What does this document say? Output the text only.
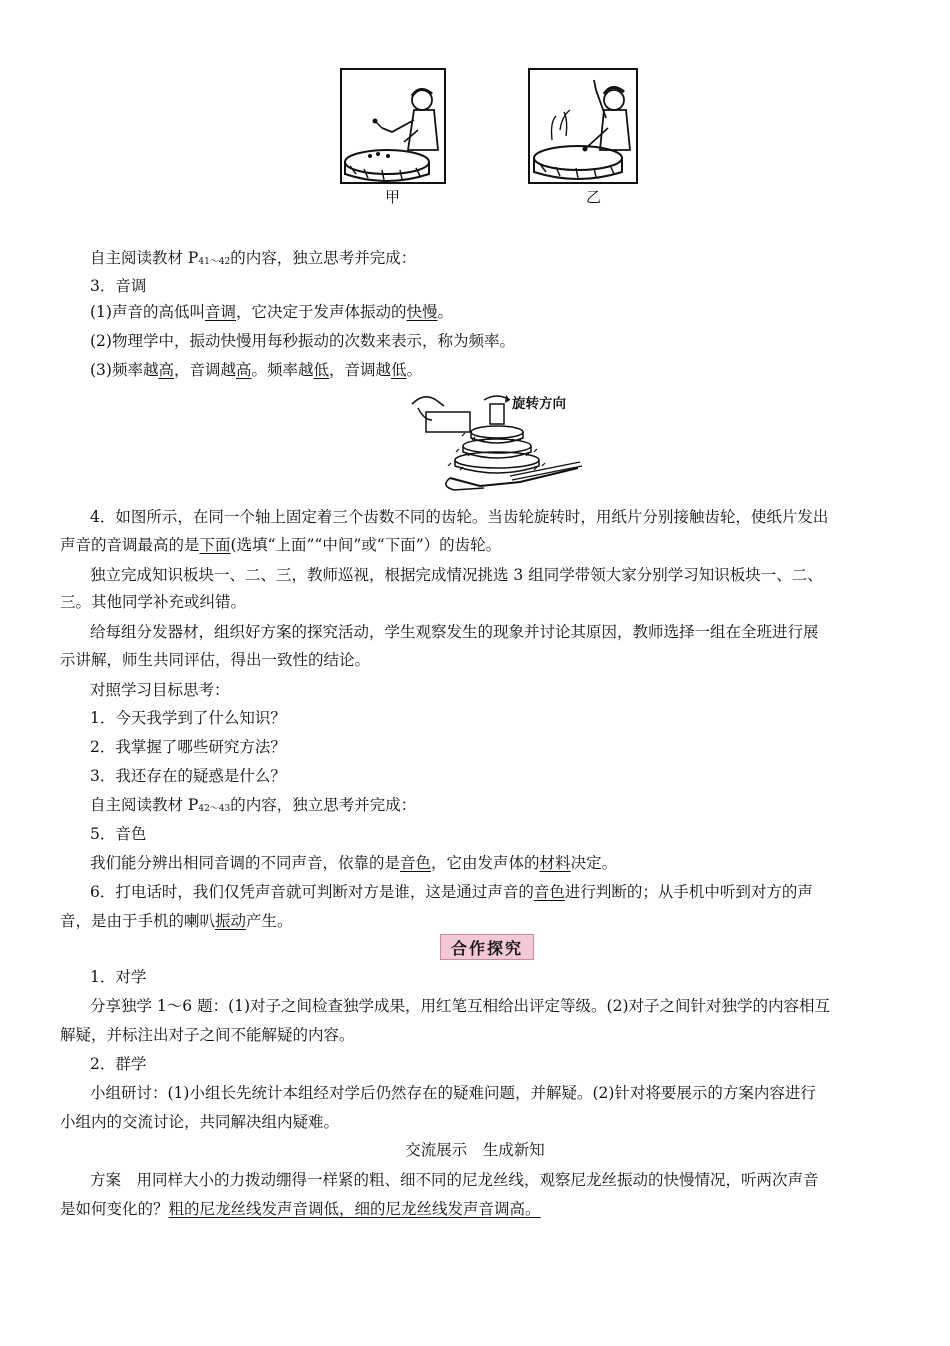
甲	乙
自主阅读教材 $P_{41\sim 42}$的内容，独立思考并完成：
3．音调
(1)声音的高低叫音调，它决定于发声体振动的快慢。
(2)物理学中，振动快慢用每秒振动的次数来表示，称为频率。
(3)频率越高，音调越高。频率越低，音调越低。
旋转方向
4．如图所示，在同一个轴上固定着三个齿数不同的齿轮。当齿轮旋转时，用纸片分别接触齿轮，使纸片发出
声音的音调最高的是下面(选填“上面”“中间”或“下面”）的齿轮。
独立完成知识板块一、二、三，教师巡视，根据完成情况挑选 3 组同学带领大家分别学习知识板块一、二、
三。其他同学补充或纠错。
给每组分发器材，组织好方案的探究活动，学生观察发生的现象并讨论其原因，教师选择一组在全班进行展
示讲解，师生共同评估，得出一致性的结论。
对照学习目标思考：
1．今天我学到了什么知识？
2．我掌握了哪些研究方法？
3．我还存在的疑惑是什么？
自主阅读教材 $P_{42\sim 43}$的内容，独立思考并完成：
5．音色
我们能分辨出相同音调的不同声音，依靠的是音色，它由发声体的材料决定。
6．打电话时，我们仅凭声音就可判断对方是谁，这是通过声音的音色进行判断的；从手机中听到对方的声
音，是由于手机的喇叭振动产生。
合作探究
1．对学
分享独学 1～6 题：(1)对子之间检查独学成果，用红笔互相给出评定等级。(2)对子之间针对独学的内容相互
解疑，并标注出对子之间不能解疑的内容。
2．群学
小组研讨：(1)小组长先统计本组经对学后仍然存在的疑难问题，并解疑。(2)针对将要展示的方案内容进行
小组内的交流讨论，共同解决组内疑难。
交流展示　生成新知
方案　用同样大小的力拨动绷得一样紧的粗、细不同的尼龙丝线，观察尼龙丝振动的快慢情况，听两次声音
是如何变化的？粗的尼龙丝线发声音调低，细的尼龙丝线发声音调高。
